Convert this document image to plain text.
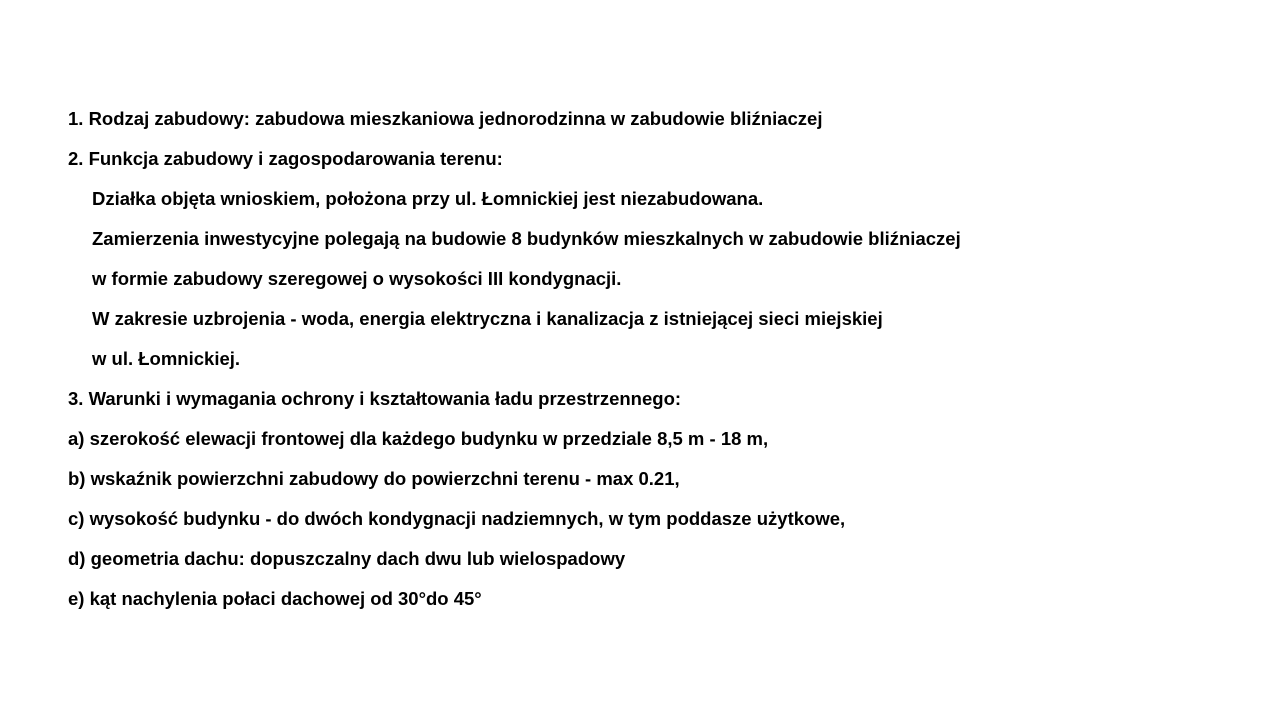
1. Rodzaj zabudowy: zabudowa mieszkaniowa jednorodzinna w zabudowie bliźniaczej
2. Funkcja zabudowy i zagospodarowania terenu:
Działka objęta wnioskiem, położona przy ul. Łomnickiej jest niezabudowana.
Zamierzenia inwestycyjne polegają na budowie 8 budynków mieszkalnych w zabudowie bliźniaczej
w formie zabudowy szeregowej o wysokości III kondygnacji.
W zakresie uzbrojenia - woda, energia elektryczna i kanalizacja z istniejącej sieci miejskiej
w ul. Łomnickiej.
3. Warunki i wymagania ochrony i kształtowania ładu przestrzennego:
a) szerokość elewacji frontowej dla każdego budynku w przedziale 8,5 m - 18 m,
b) wskaźnik powierzchni zabudowy do powierzchni terenu - max 0.21,
c) wysokość budynku - do dwóch kondygnacji nadziemnych, w tym poddasze użytkowe,
d) geometria dachu: dopuszczalny dach dwu lub wielospadowy
e) kąt nachylenia połaci dachowej od 30°do 45°
